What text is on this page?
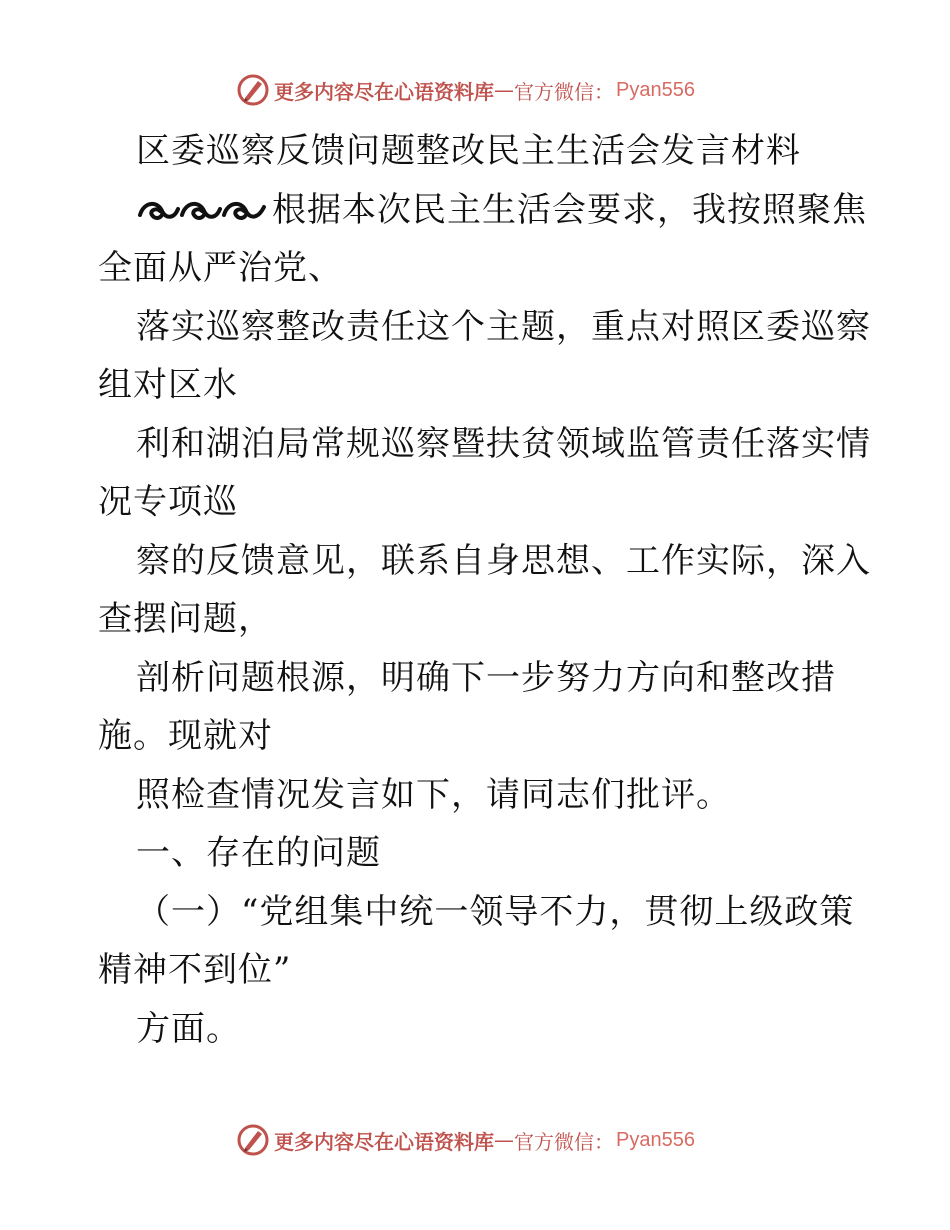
更多内容尽在心语资料库 — 官方微信： Pyan556
区委巡察反馈问题整改民主生活会发言材料
根据本次民主生活会要求，我按照聚焦
全面从严治党、
落实巡察整改责任这个主题，重点对照区委巡察
组对区水
利和湖泊局常规巡察暨扶贫领域监管责任落实情
况专项巡
察的反馈意见，联系自身思想、工作实际，深入
查摆问题，
剖析问题根源，明确下一步努力方向和整改措
施。现就对
照检查情况发言如下，请同志们批评。
一、存在的问题
（一）“党组集中统一领导不力，贯彻上级政策
精神不到位”
方面。
更多内容尽在心语资料库 — 官方微信： Pyan556
